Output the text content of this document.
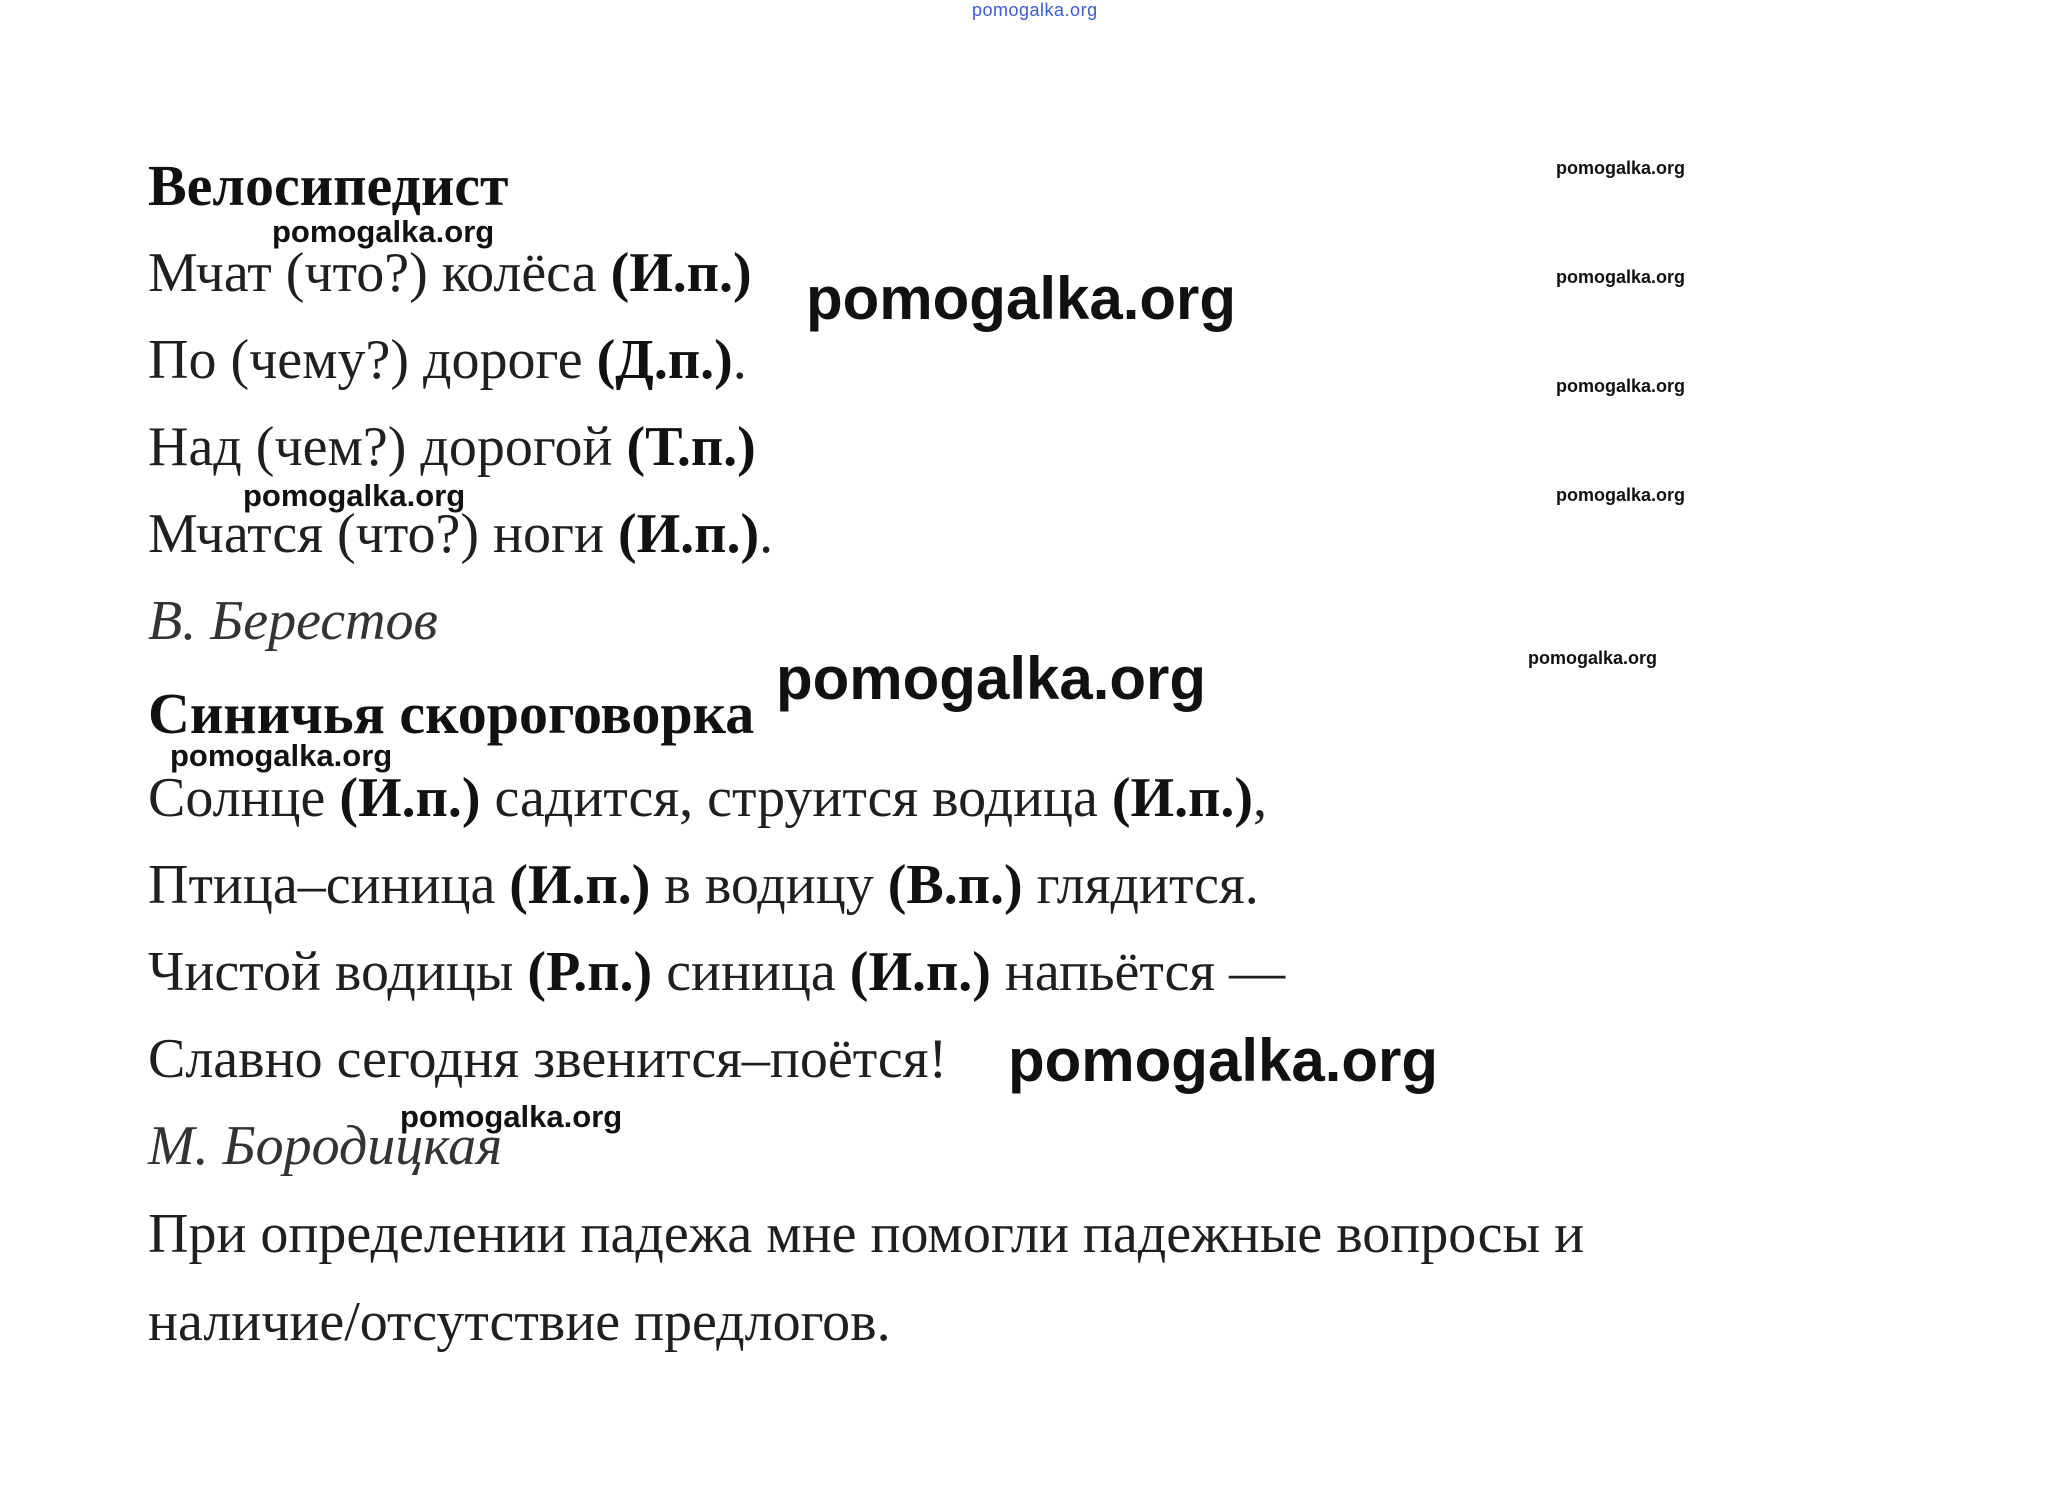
pomogalka.org
Велосипедист
Мчат (что?) колёса (И.п.)
По (чему?) дороге (Д.п.).
Над (чем?) дорогой (Т.п.)
Мчатся (что?) ноги (И.п.).
В. Берестов
Синичья скороговорка
Солнце (И.п.) садится, струится водица (И.п.),
Птица–синица (И.п.) в водицу (В.п.) глядится.
Чистой водицы (Р.п.) синица (И.п.) напьётся —
Славно сегодня звенится–поётся!
М. Бородицкая
При определении падежа мне помогли падежные вопросы и
наличие/отсутствие предлогов.
pomogalka.org
pomogalka.org
pomogalka.org
pomogalka.org
pomogalka.org
pomogalka.org
pomogalka.org
pomogalka.org
pomogalka.org
pomogalka.org
pomogalka.org
pomogalka.org
